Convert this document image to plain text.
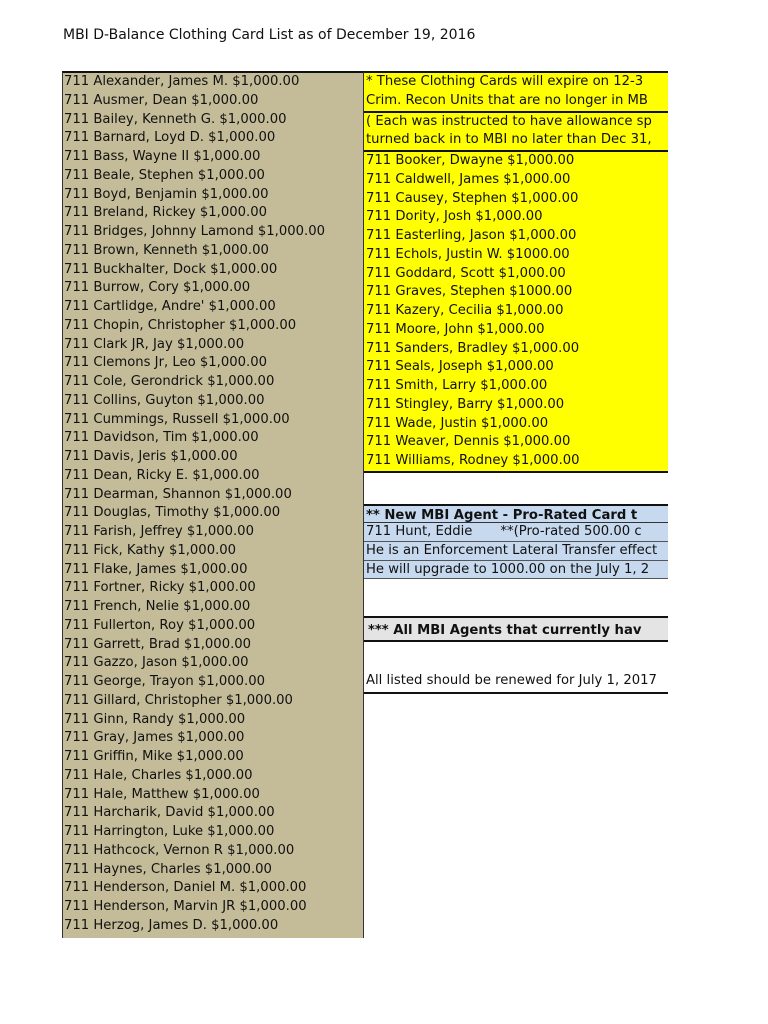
MBI D-Balance Clothing Card List as of December 19, 2016
711 Alexander, James M. $1,000.00
711 Ausmer, Dean $1,000.00
711 Bailey, Kenneth G. $1,000.00
711 Barnard, Loyd D. $1,000.00
711 Bass, Wayne II $1,000.00
711 Beale, Stephen $1,000.00
711 Boyd, Benjamin $1,000.00
711 Breland, Rickey $1,000.00
711 Bridges, Johnny Lamond $1,000.00
711 Brown, Kenneth $1,000.00
711 Buckhalter, Dock $1,000.00
711 Burrow, Cory $1,000.00
711 Cartlidge, Andre' $1,000.00
711 Chopin, Christopher $1,000.00
711 Clark JR, Jay $1,000.00
711 Clemons Jr, Leo $1,000.00
711 Cole, Gerondrick $1,000.00
711 Collins, Guyton $1,000.00
711 Cummings, Russell $1,000.00
711 Davidson, Tim $1,000.00
711 Davis, Jeris $1,000.00
711 Dean, Ricky E. $1,000.00
711 Dearman, Shannon $1,000.00
711 Douglas, Timothy $1,000.00
711 Farish, Jeffrey $1,000.00
711 Fick, Kathy $1,000.00
711 Flake, James $1,000.00
711 Fortner, Ricky $1,000.00
711 French, Nelie $1,000.00
711 Fullerton, Roy $1,000.00
711 Garrett, Brad $1,000.00
711 Gazzo, Jason $1,000.00
711 George, Trayon $1,000.00
711 Gillard, Christopher $1,000.00
711 Ginn, Randy $1,000.00
711 Gray, James $1,000.00
711 Griffin, Mike $1,000.00
711 Hale, Charles $1,000.00
711 Hale, Matthew $1,000.00
711 Harcharik, David $1,000.00
711 Harrington, Luke $1,000.00
711 Hathcock, Vernon R $1,000.00
711 Haynes, Charles $1,000.00
711 Henderson, Daniel M. $1,000.00
711 Henderson, Marvin JR $1,000.00
711 Herzog, James D. $1,000.00
* These Clothing Cards will expire on 12-3
Crim. Recon Units that are no longer in MB
( Each was instructed to have allowance sp
turned back in to MBI no later than Dec 31,
711 Booker, Dwayne $1,000.00
711 Caldwell, James $1,000.00
711 Causey, Stephen $1,000.00
711 Dority, Josh $1,000.00
711 Easterling, Jason $1,000.00
711 Echols, Justin W. $1000.00
711 Goddard, Scott $1,000.00
711 Graves, Stephen $1000.00
711 Kazery, Cecilia $1,000.00
711 Moore, John $1,000.00
711 Sanders, Bradley $1,000.00
711 Seals, Joseph $1,000.00
711 Smith, Larry $1,000.00
711 Stingley, Barry $1,000.00
711 Wade, Justin $1,000.00
711 Weaver, Dennis $1,000.00
711 Williams, Rodney $1,000.00
** New MBI Agent - Pro-Rated Card t
711 Hunt, Eddie **(Pro-rated 500.00 c
He is an Enforcement Lateral Transfer effect
He will upgrade to 1000.00 on the July 1, 2
*** All MBI Agents that currently hav
All listed should be renewed for July 1, 2017
